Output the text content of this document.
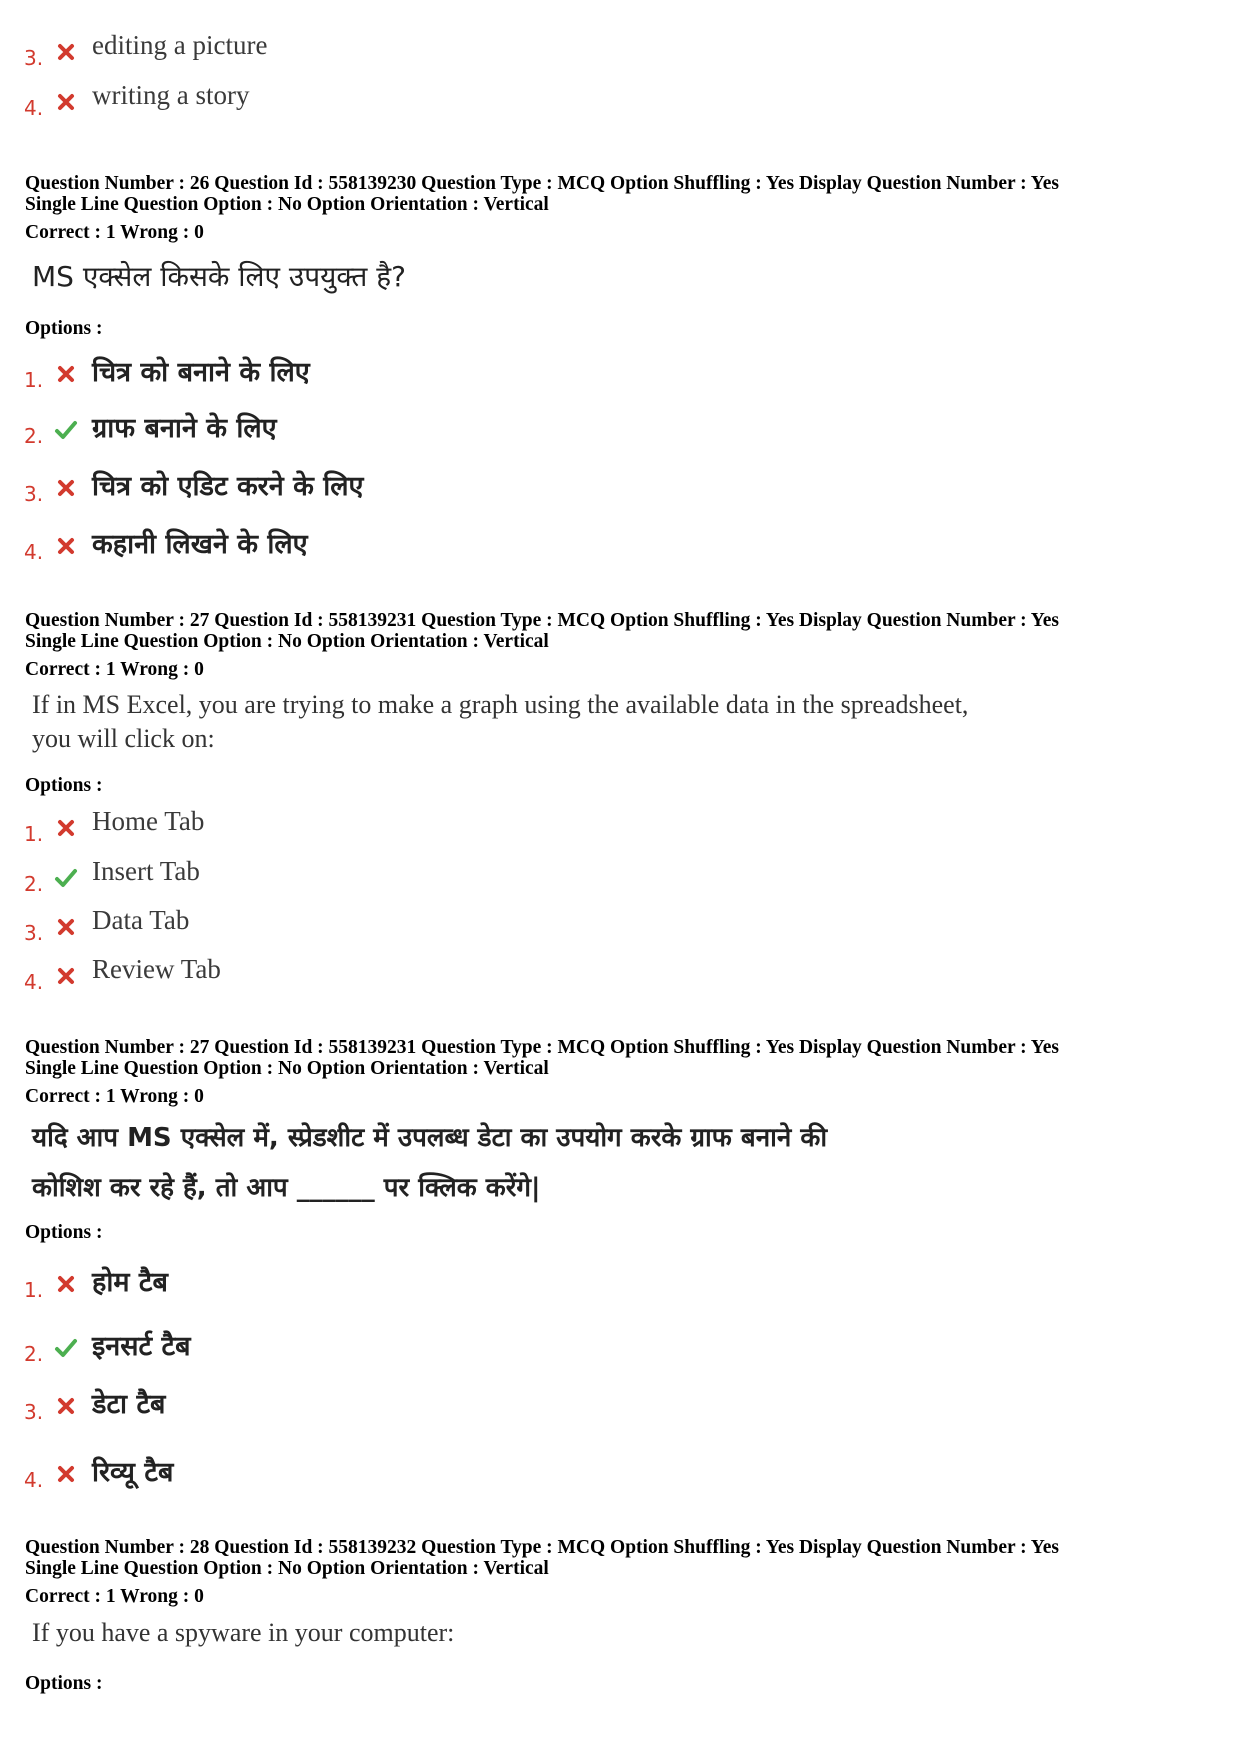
3. editing a picture
4. writing a story
Question Number : 26 Question Id : 558139230 Question Type : MCQ Option Shuffling : Yes Display Question Number : Yes
Single Line Question Option : No Option Orientation : Vertical
Correct : 1 Wrong : 0
MS एक्सेल किसके लिए उपयुक्त है?
Options :
1. चित्र को बनाने के लिए
2. ग्राफ बनाने के लिए
3. चित्र को एडिट करने के लिए
4. कहानी लिखने के लिए
Question Number : 27 Question Id : 558139231 Question Type : MCQ Option Shuffling : Yes Display Question Number : Yes
Single Line Question Option : No Option Orientation : Vertical
Correct : 1 Wrong : 0
If in MS Excel, you are trying to make a graph using the available data in the spreadsheet,
you will click on:
Options :
1. Home Tab
2. Insert Tab
3. Data Tab
4. Review Tab
Question Number : 27 Question Id : 558139231 Question Type : MCQ Option Shuffling : Yes Display Question Number : Yes
Single Line Question Option : No Option Orientation : Vertical
Correct : 1 Wrong : 0
यदि आप MS एक्सेल में, स्प्रेडशीट में उपलब्ध डेटा का उपयोग करके ग्राफ बनाने की
कोशिश कर रहे हैं, तो आप ______ पर क्लिक करेंगे|
Options :
1. होम टैब
2. इनसर्ट टैब
3. डेटा टैब
4. रिव्यू टैब
Question Number : 28 Question Id : 558139232 Question Type : MCQ Option Shuffling : Yes Display Question Number : Yes
Single Line Question Option : No Option Orientation : Vertical
Correct : 1 Wrong : 0
If you have a spyware in your computer:
Options :
